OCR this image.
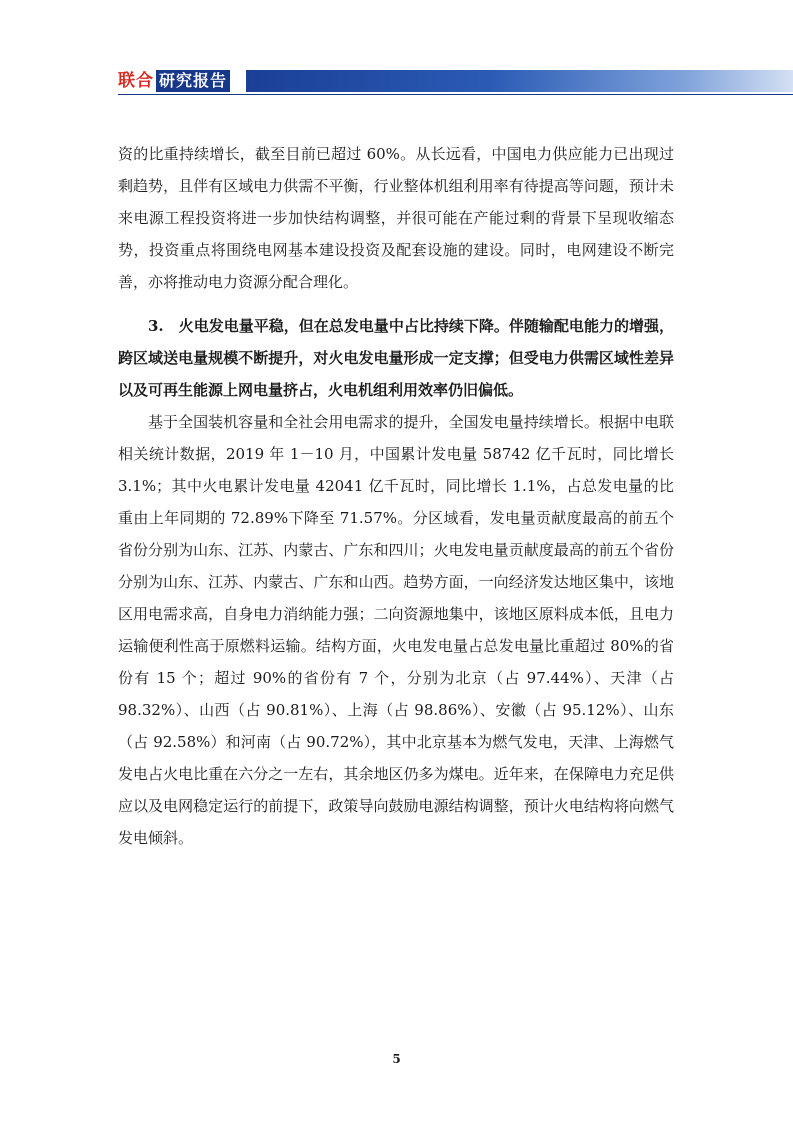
联合 研究报告

资的比重持续增长，截至目前已超过 60%。从长远看，中国电力供应能力已出现过剩趋势，且伴有区域电力供需不平衡，行业整体机组利用率有待提高等问题，预计未来电源工程投资将进一步加快结构调整，并很可能在产能过剩的背景下呈现收缩态势，投资重点将围绕电网基本建设投资及配套设施的建设。同时，电网建设不断完善，亦将推动电力资源分配合理化。

3.　火电发电量平稳，但在总发电量中占比持续下降。伴随输配电能力的增强，跨区域送电量规模不断提升，对火电发电量形成一定支撑；但受电力供需区域性差异以及可再生能源上网电量挤占，火电机组利用效率仍旧偏低。

基于全国装机容量和全社会用电需求的提升，全国发电量持续增长。根据中电联相关统计数据，2019 年 1－10 月，中国累计发电量 58742 亿千瓦时，同比增长 3.1%；其中火电累计发电量 42041 亿千瓦时，同比增长 1.1%，占总发电量的比重由上年同期的 72.89%下降至 71.57%。分区域看，发电量贡献度最高的前五个省份分别为山东、江苏、内蒙古、广东和四川；火电发电量贡献度最高的前五个省份分别为山东、江苏、内蒙古、广东和山西。趋势方面，一向经济发达地区集中，该地区用电需求高，自身电力消纳能力强；二向资源地集中，该地区原料成本低，且电力运输便利性高于原燃料运输。结构方面，火电发电量占总发电量比重超过 80%的省份有 15 个；超过 90%的省份有 7 个，分别为北京（占 97.44%）、天津（占 98.32%）、山西（占 90.81%）、上海（占 98.86%）、安徽（占 95.12%）、山东（占 92.58%）和河南（占 90.72%），其中北京基本为燃气发电，天津、上海燃气发电占火电比重在六分之一左右，其余地区仍多为煤电。近年来，在保障电力充足供应以及电网稳定运行的前提下，政策导向鼓励电源结构调整，预计火电结构将向燃气发电倾斜。

5
